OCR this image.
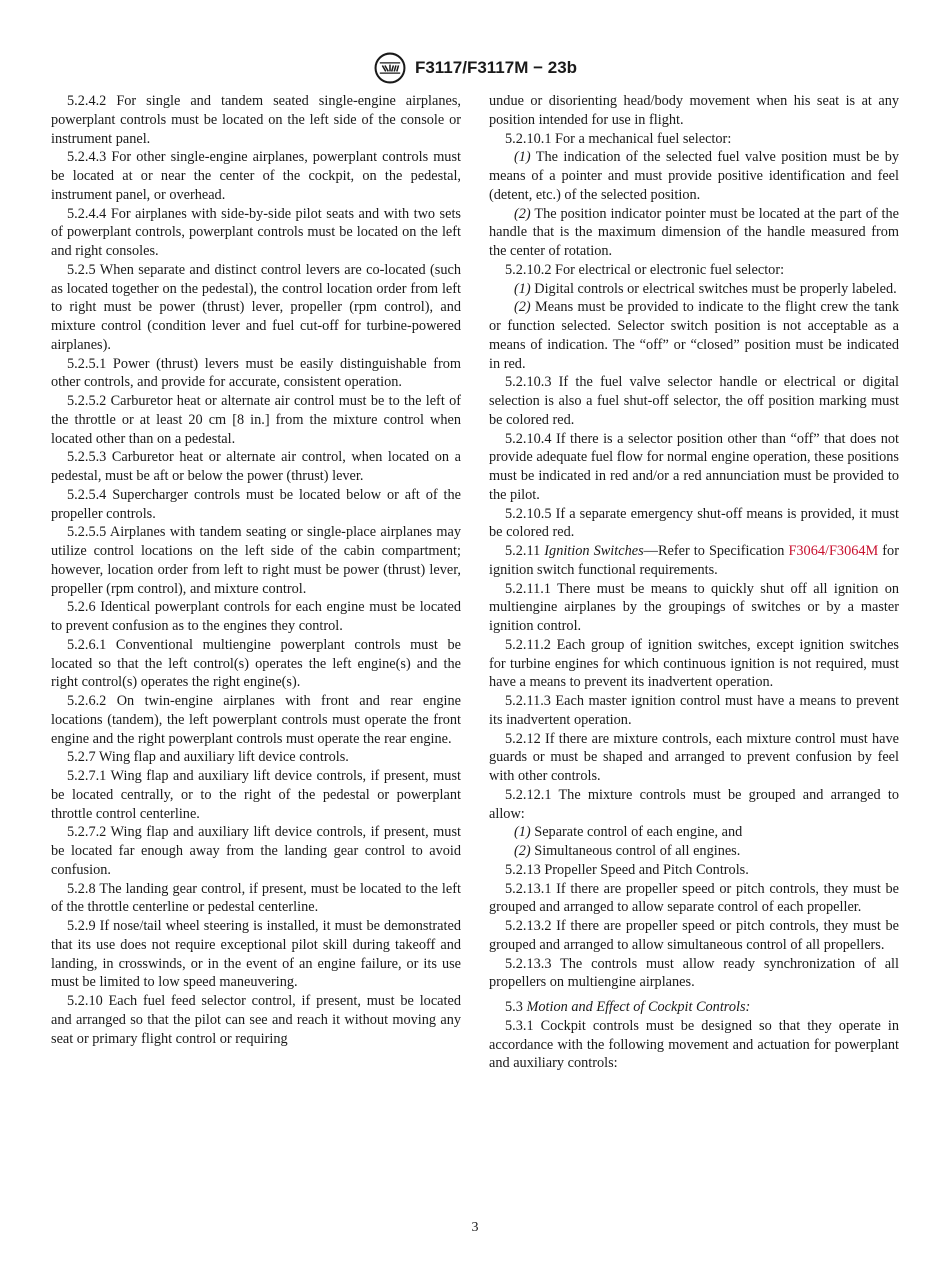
F3117/F3117M − 23b

5.2.4.2 For single and tandem seated single-engine airplanes, powerplant controls must be located on the left side of the console or instrument panel.

5.2.4.3 For other single-engine airplanes, powerplant controls must be located at or near the center of the cockpit, on the pedestal, instrument panel, or overhead.

5.2.4.4 For airplanes with side-by-side pilot seats and with two sets of powerplant controls, powerplant controls must be located on the left and right consoles.

5.2.5 When separate and distinct control levers are co-located (such as located together on the pedestal), the control location order from left to right must be power (thrust) lever, propeller (rpm control), and mixture control (condition lever and fuel cut-off for turbine-powered airplanes).

5.2.5.1 Power (thrust) levers must be easily distinguishable from other controls, and provide for accurate, consistent operation.

5.2.5.2 Carburetor heat or alternate air control must be to the left of the throttle or at least 20 cm [8 in.] from the mixture control when located other than on a pedestal.

5.2.5.3 Carburetor heat or alternate air control, when located on a pedestal, must be aft or below the power (thrust) lever.

5.2.5.4 Supercharger controls must be located below or aft of the propeller controls.

5.2.5.5 Airplanes with tandem seating or single-place airplanes may utilize control locations on the left side of the cabin compartment; however, location order from left to right must be power (thrust) lever, propeller (rpm control), and mixture control.

5.2.6 Identical powerplant controls for each engine must be located to prevent confusion as to the engines they control.

5.2.6.1 Conventional multiengine powerplant controls must be located so that the left control(s) operates the left engine(s) and the right control(s) operates the right engine(s).

5.2.6.2 On twin-engine airplanes with front and rear engine locations (tandem), the left powerplant controls must operate the front engine and the right powerplant controls must operate the rear engine.

5.2.7 Wing flap and auxiliary lift device controls.

5.2.7.1 Wing flap and auxiliary lift device controls, if present, must be located centrally, or to the right of the pedestal or powerplant throttle control centerline.

5.2.7.2 Wing flap and auxiliary lift device controls, if present, must be located far enough away from the landing gear control to avoid confusion.

5.2.8 The landing gear control, if present, must be located to the left of the throttle centerline or pedestal centerline.

5.2.9 If nose/tail wheel steering is installed, it must be demonstrated that its use does not require exceptional pilot skill during takeoff and landing, in crosswinds, or in the event of an engine failure, or its use must be limited to low speed maneuvering.

5.2.10 Each fuel feed selector control, if present, must be located and arranged so that the pilot can see and reach it without moving any seat or primary flight control or requiring

undue or disorienting head/body movement when his seat is at any position intended for use in flight.

5.2.10.1 For a mechanical fuel selector:

(1) The indication of the selected fuel valve position must be by means of a pointer and must provide positive identification and feel (detent, etc.) of the selected position.

(2) The position indicator pointer must be located at the part of the handle that is the maximum dimension of the handle measured from the center of rotation.

5.2.10.2 For electrical or electronic fuel selector:

(1) Digital controls or electrical switches must be properly labeled.

(2) Means must be provided to indicate to the flight crew the tank or function selected. Selector switch position is not acceptable as a means of indication. The “off” or “closed” position must be indicated in red.

5.2.10.3 If the fuel valve selector handle or electrical or digital selection is also a fuel shut-off selector, the off position marking must be colored red.

5.2.10.4 If there is a selector position other than “off” that does not provide adequate fuel flow for normal engine operation, these positions must be indicated in red and/or a red annunciation must be provided to the pilot.

5.2.10.5 If a separate emergency shut-off means is provided, it must be colored red.

5.2.11 Ignition Switches—Refer to Specification F3064/F3064M for ignition switch functional requirements.

5.2.11.1 There must be means to quickly shut off all ignition on multiengine airplanes by the groupings of switches or by a master ignition control.

5.2.11.2 Each group of ignition switches, except ignition switches for turbine engines for which continuous ignition is not required, must have a means to prevent its inadvertent operation.

5.2.11.3 Each master ignition control must have a means to prevent its inadvertent operation.

5.2.12 If there are mixture controls, each mixture control must have guards or must be shaped and arranged to prevent confusion by feel with other controls.

5.2.12.1 The mixture controls must be grouped and arranged to allow:

(1) Separate control of each engine, and

(2) Simultaneous control of all engines.

5.2.13 Propeller Speed and Pitch Controls.

5.2.13.1 If there are propeller speed or pitch controls, they must be grouped and arranged to allow separate control of each propeller.

5.2.13.2 If there are propeller speed or pitch controls, they must be grouped and arranged to allow simultaneous control of all propellers.

5.2.13.3 The controls must allow ready synchronization of all propellers on multiengine airplanes.

5.3 Motion and Effect of Cockpit Controls:

5.3.1 Cockpit controls must be designed so that they operate in accordance with the following movement and actuation for powerplant and auxiliary controls:

3
